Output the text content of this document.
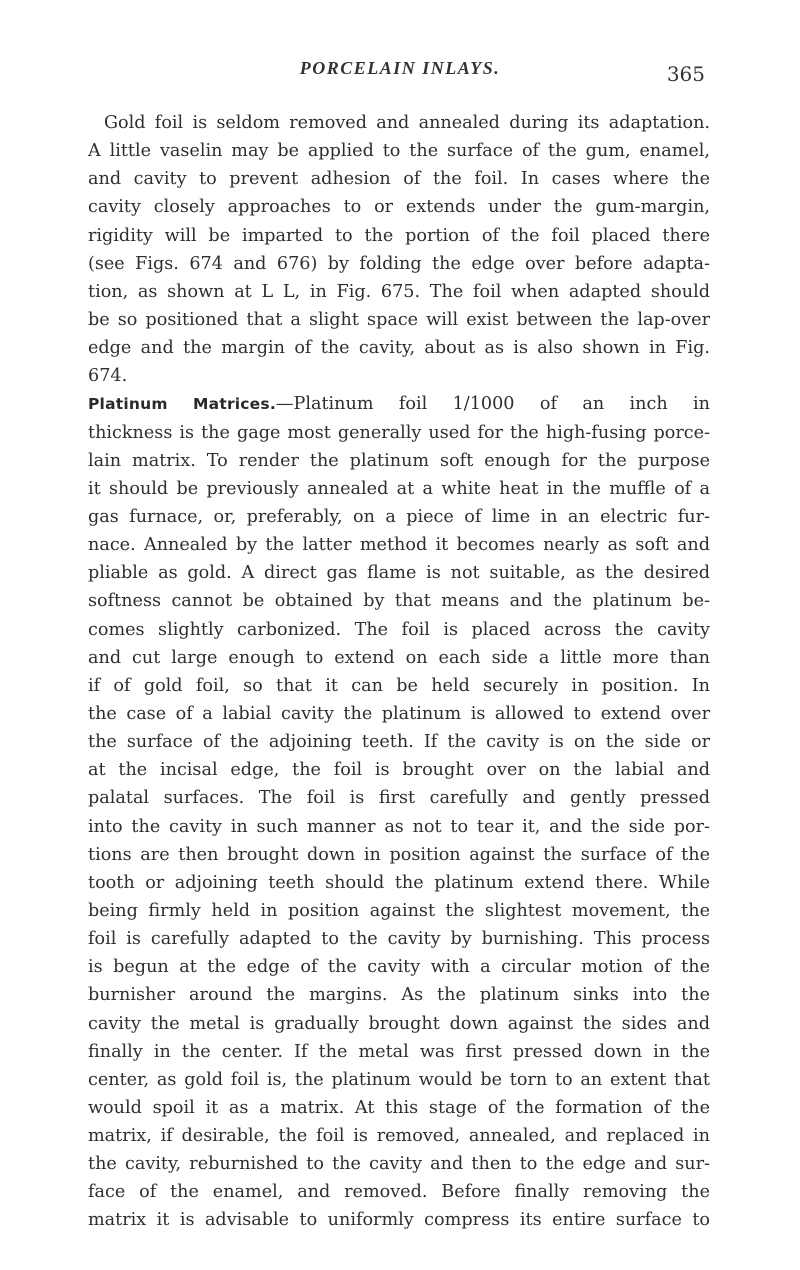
PORCELAIN INLAYS.	365
Gold foil is seldom removed and annealed during its adaptation.
A little vaselin may be applied to the surface of the gum, enamel,
and cavity to prevent adhesion of the foil. In cases where the
cavity closely approaches to or extends under the gum-margin,
rigidity will be imparted to the portion of the foil placed there
(see Figs. 674 and 676) by folding the edge over before adapta-
tion, as shown at L L, in Fig. 675. The foil when adapted should
be so positioned that a slight space will exist between the lap-over
edge and the margin of the cavity, about as is also shown in Fig.
674.
Platinum Matrices.—Platinum foil 1/1000 of an inch in
thickness is the gage most generally used for the high-fusing porce-
lain matrix. To render the platinum soft enough for the purpose
it should be previously annealed at a white heat in the muffle of a
gas furnace, or, preferably, on a piece of lime in an electric fur-
nace. Annealed by the latter method it becomes nearly as soft and
pliable as gold. A direct gas flame is not suitable, as the desired
softness cannot be obtained by that means and the platinum be-
comes slightly carbonized. The foil is placed across the cavity
and cut large enough to extend on each side a little more than
if of gold foil, so that it can be held securely in position. In
the case of a labial cavity the platinum is allowed to extend over
the surface of the adjoining teeth. If the cavity is on the side or
at the incisal edge, the foil is brought over on the labial and
palatal surfaces. The foil is first carefully and gently pressed
into the cavity in such manner as not to tear it, and the side por-
tions are then brought down in position against the surface of the
tooth or adjoining teeth should the platinum extend there. While
being firmly held in position against the slightest movement, the
foil is carefully adapted to the cavity by burnishing. This process
is begun at the edge of the cavity with a circular motion of the
burnisher around the margins. As the platinum sinks into the
cavity the metal is gradually brought down against the sides and
finally in the center. If the metal was first pressed down in the
center, as gold foil is, the platinum would be torn to an extent that
would spoil it as a matrix. At this stage of the formation of the
matrix, if desirable, the foil is removed, annealed, and replaced in
the cavity, reburnished to the cavity and then to the edge and sur-
face of the enamel, and removed. Before finally removing the
matrix it is advisable to uniformly compress its entire surface to
